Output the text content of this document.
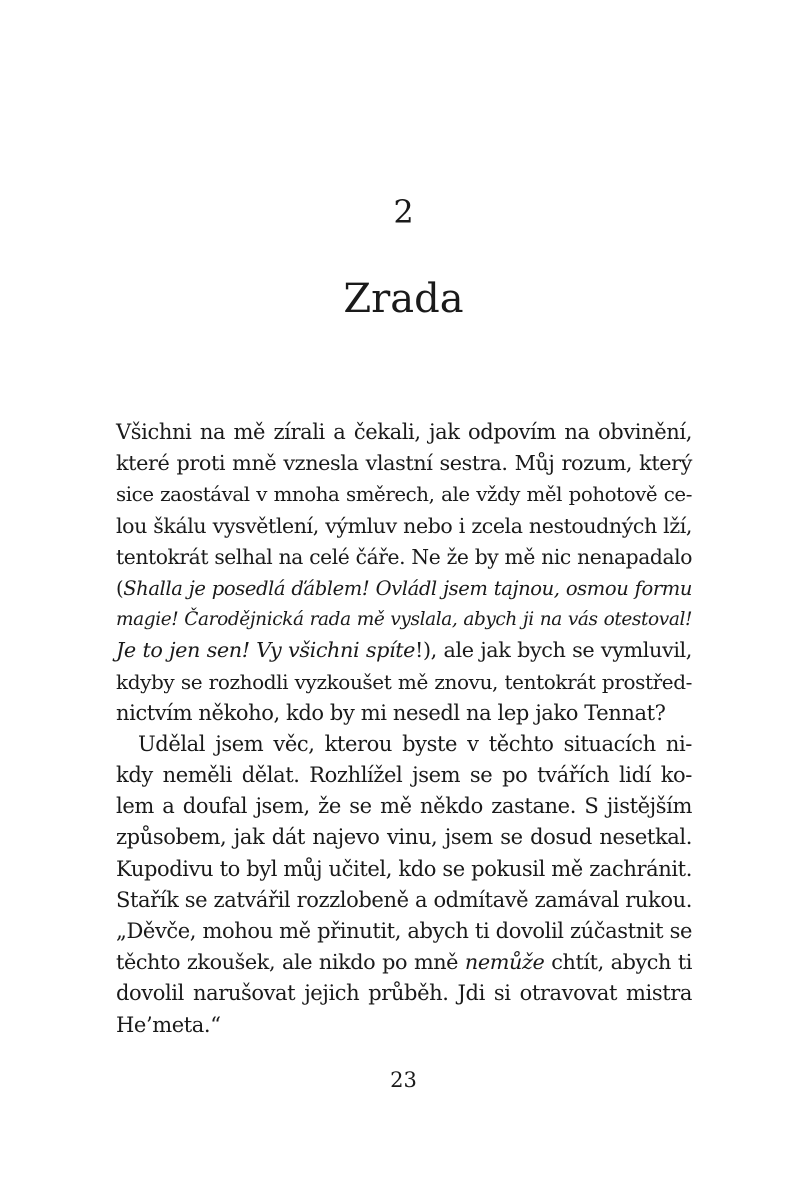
2
Zrada
Všichni na mě zírali a čekali, jak odpovím na obvinění,
které proti mně vznesla vlastní sestra. Můj rozum, který
sice zaostával v mnoha směrech, ale vždy měl pohotově ce-
lou škálu vysvětlení, výmluv nebo i zcela nestoudných lží,
tentokrát selhal na celé čáře. Ne že by mě nic nenapadalo
(Shalla je posedlá ďáblem! Ovládl jsem tajnou, osmou formu
magie! Čarodějnická rada mě vyslala, abych ji na vás otestoval!
Je to jen sen! Vy všichni spíte!), ale jak bych se vymluvil,
kdyby se rozhodli vyzkoušet mě znovu, tentokrát prostřed-
nictvím někoho, kdo by mi nesedl na lep jako Tennat?
Udělal jsem věc, kterou byste v těchto situacích ni-
kdy neměli dělat. Rozhlížel jsem se po tvářích lidí ko-
lem a doufal jsem, že se mě někdo zastane. S jistějším
způsobem, jak dát najevo vinu, jsem se dosud nesetkal.
Kupodivu to byl můj učitel, kdo se pokusil mě zachránit.
Stařík se zatvářil rozzlobeně a odmítavě zamával rukou.
„Děvče, mohou mě přinutit, abych ti dovolil zúčastnit se
těchto zkoušek, ale nikdo po mně nemůže chtít, abych ti
dovolil narušovat jejich průběh. Jdi si otravovat mistra
He’meta.“
23
